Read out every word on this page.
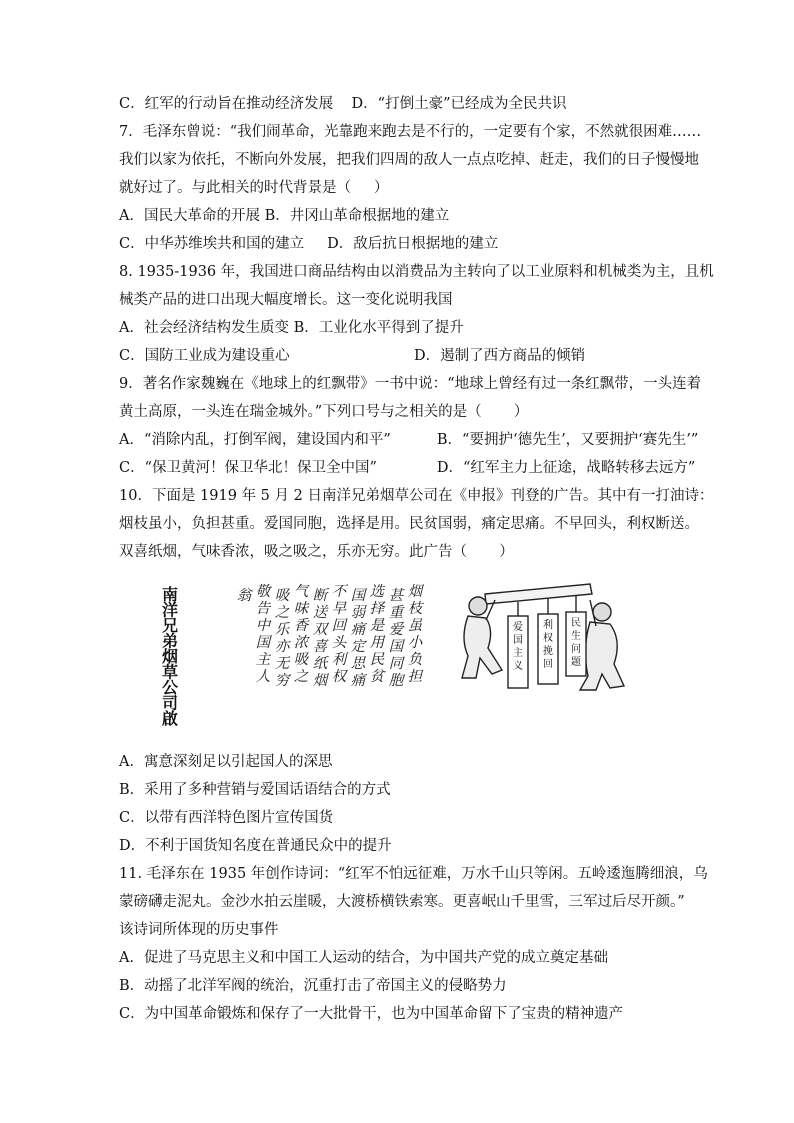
C．红军的行动旨在推动经济发展    D．“打倒土豪”已经成为全民共识
7．毛泽东曾说：“我们闹革命，光靠跑来跑去是不行的，一定要有个家，不然就很困难……
我们以家为依托，不断向外发展，把我们四周的敌人一点点吃掉、赶走，我们的日子慢慢地
就好过了。与此相关的时代背景是（     ）
A．国民大革命的开展 B．井冈山革命根据地的建立
C．中华苏维埃共和国的建立     D．敌后抗日根据地的建立
8. 1935-1936 年，我国进口商品结构由以消费品为主转向了以工业原料和机械类为主，且机
械类产品的进口出现大幅度增长。这一变化说明我国
A．社会经济结构发生质变 B．工业化水平得到了提升
C．国防工业成为建设重心                           D．遏制了西方商品的倾销
9．著名作家魏巍在《地球上的红飘带》一书中说：“地球上曾经有过一条红飘带，一头连着
黄土高原，一头连在瑞金城外。”下列口号与之相关的是（       ）
A．“消除内乱，打倒军阀，建设国内和平”          B．“要拥护‘德先生’，又要拥护‘赛先生’”
C．“保卫黄河！保卫华北！保卫全中国”             D．“红军主力上征途，战略转移去远方”
10．下面是 1919 年 5 月 2 日南洋兄弟烟草公司在《申报》刊登的广告。其中有一打油诗：
烟枝虽小，负担甚重。爱国同胞，选择是用。民贫国弱，痛定思痛。不早回头，利权断送。
双喜纸烟，气味香浓，吸之吸之，乐亦无穷。此广告（       ）
南洋兄弟烟草公司啟
烟枝虽小负担
甚重爱国同胞
选择是用民贫
国弱痛定思痛
不早回头利权
断送双喜纸烟
气味香浓吸之
吸之乐亦无穷
敬告中国主人
翁
爱国主义
利权挽回
民生问题
A．寓意深刻足以引起国人的深思
B．采用了多种营销与爱国话语结合的方式
C．以带有西洋特色图片宣传国货
D．不利于国货知名度在普通民众中的提升
11. 毛泽东在 1935 年创作诗词：“红军不怕远征难，万水千山只等闲。五岭逶迤腾细浪，乌
蒙磅礴走泥丸。金沙水拍云崖暖，大渡桥横铁索寒。更喜岷山千里雪，三军过后尽开颜。”
该诗词所体现的历史事件
A．促进了马克思主义和中国工人运动的结合，为中国共产党的成立奠定基础
B．动摇了北洋军阀的统治，沉重打击了帝国主义的侵略势力
C．为中国革命锻炼和保存了一大批骨干，也为中国革命留下了宝贵的精神遗产
